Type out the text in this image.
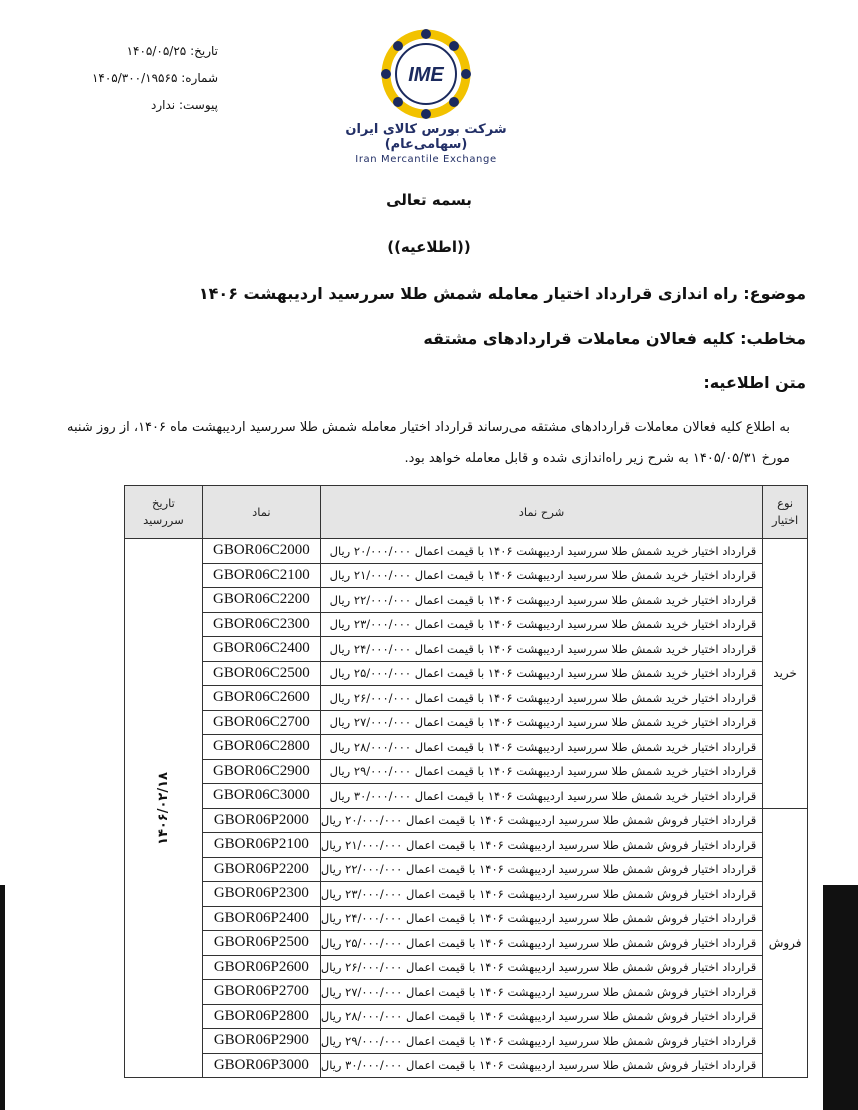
تاریخ: ۱۴۰۵/۰۵/۲۵
شماره: ۱۴۰۵/۳۰۰/۱۹۵۶۵
پیوست: ندارد
IME
شرکت بورس کالای ایران (سهامی‌عام)
Iran Mercantile Exchange
بسمه تعالی
((اطلاعیه))
موضوع: راه اندازی قرارداد اختیار معامله شمش طلا سررسید اردیبهشت ۱۴۰۶
مخاطب: کلیه فعالان معاملات قراردادهای مشتقه
متن اطلاعیه:
به اطلاع کلیه فعالان معاملات قراردادهای مشتقه می‌رساند قرارداد اختیار معامله شمش طلا سررسید اردیبهشت ماه ۱۴۰۶، از روز شنبه مورخ ۱۴۰۵/۰۵/۳۱ به شرح زیر راه‌اندازی شده و قابل معامله خواهد بود.
نوع
اختیار	شرح نماد	نماد	تاریخ
سررسید
خرید	قرارداد اختیار خرید شمش طلا سررسید اردیبهشت ۱۴۰۶ با قیمت اعمال ۲۰/۰۰۰/۰۰۰ ریال	GBOR06C2000	۱۴۰۶/۰۲/۱۸
	قرارداد اختیار خرید شمش طلا سررسید اردیبهشت ۱۴۰۶ با قیمت اعمال ۲۱/۰۰۰/۰۰۰ ریال	GBOR06C2100	
	قرارداد اختیار خرید شمش طلا سررسید اردیبهشت ۱۴۰۶ با قیمت اعمال ۲۲/۰۰۰/۰۰۰ ریال	GBOR06C2200	
	قرارداد اختیار خرید شمش طلا سررسید اردیبهشت ۱۴۰۶ با قیمت اعمال ۲۳/۰۰۰/۰۰۰ ریال	GBOR06C2300	
	قرارداد اختیار خرید شمش طلا سررسید اردیبهشت ۱۴۰۶ با قیمت اعمال ۲۴/۰۰۰/۰۰۰ ریال	GBOR06C2400	
	قرارداد اختیار خرید شمش طلا سررسید اردیبهشت ۱۴۰۶ با قیمت اعمال ۲۵/۰۰۰/۰۰۰ ریال	GBOR06C2500	
	قرارداد اختیار خرید شمش طلا سررسید اردیبهشت ۱۴۰۶ با قیمت اعمال ۲۶/۰۰۰/۰۰۰ ریال	GBOR06C2600	
	قرارداد اختیار خرید شمش طلا سررسید اردیبهشت ۱۴۰۶ با قیمت اعمال ۲۷/۰۰۰/۰۰۰ ریال	GBOR06C2700	
	قرارداد اختیار خرید شمش طلا سررسید اردیبهشت ۱۴۰۶ با قیمت اعمال ۲۸/۰۰۰/۰۰۰ ریال	GBOR06C2800	
	قرارداد اختیار خرید شمش طلا سررسید اردیبهشت ۱۴۰۶ با قیمت اعمال ۲۹/۰۰۰/۰۰۰ ریال	GBOR06C2900	
	قرارداد اختیار خرید شمش طلا سررسید اردیبهشت ۱۴۰۶ با قیمت اعمال ۳۰/۰۰۰/۰۰۰ ریال	GBOR06C3000	
فروش	قرارداد اختیار فروش شمش طلا سررسید اردیبهشت ۱۴۰۶ با قیمت اعمال ۲۰/۰۰۰/۰۰۰ ریال	GBOR06P2000	
	قرارداد اختیار فروش شمش طلا سررسید اردیبهشت ۱۴۰۶ با قیمت اعمال ۲۱/۰۰۰/۰۰۰ ریال	GBOR06P2100	
	قرارداد اختیار فروش شمش طلا سررسید اردیبهشت ۱۴۰۶ با قیمت اعمال ۲۲/۰۰۰/۰۰۰ ریال	GBOR06P2200	
	قرارداد اختیار فروش شمش طلا سررسید اردیبهشت ۱۴۰۶ با قیمت اعمال ۲۳/۰۰۰/۰۰۰ ریال	GBOR06P2300	
	قرارداد اختیار فروش شمش طلا سررسید اردیبهشت ۱۴۰۶ با قیمت اعمال ۲۴/۰۰۰/۰۰۰ ریال	GBOR06P2400	
	قرارداد اختیار فروش شمش طلا سررسید اردیبهشت ۱۴۰۶ با قیمت اعمال ۲۵/۰۰۰/۰۰۰ ریال	GBOR06P2500	
	قرارداد اختیار فروش شمش طلا سررسید اردیبهشت ۱۴۰۶ با قیمت اعمال ۲۶/۰۰۰/۰۰۰ ریال	GBOR06P2600	
	قرارداد اختیار فروش شمش طلا سررسید اردیبهشت ۱۴۰۶ با قیمت اعمال ۲۷/۰۰۰/۰۰۰ ریال	GBOR06P2700	
	قرارداد اختیار فروش شمش طلا سررسید اردیبهشت ۱۴۰۶ با قیمت اعمال ۲۸/۰۰۰/۰۰۰ ریال	GBOR06P2800	
	قرارداد اختیار فروش شمش طلا سررسید اردیبهشت ۱۴۰۶ با قیمت اعمال ۲۹/۰۰۰/۰۰۰ ریال	GBOR06P2900	
	قرارداد اختیار فروش شمش طلا سررسید اردیبهشت ۱۴۰۶ با قیمت اعمال ۳۰/۰۰۰/۰۰۰ ریال	GBOR06P3000	
